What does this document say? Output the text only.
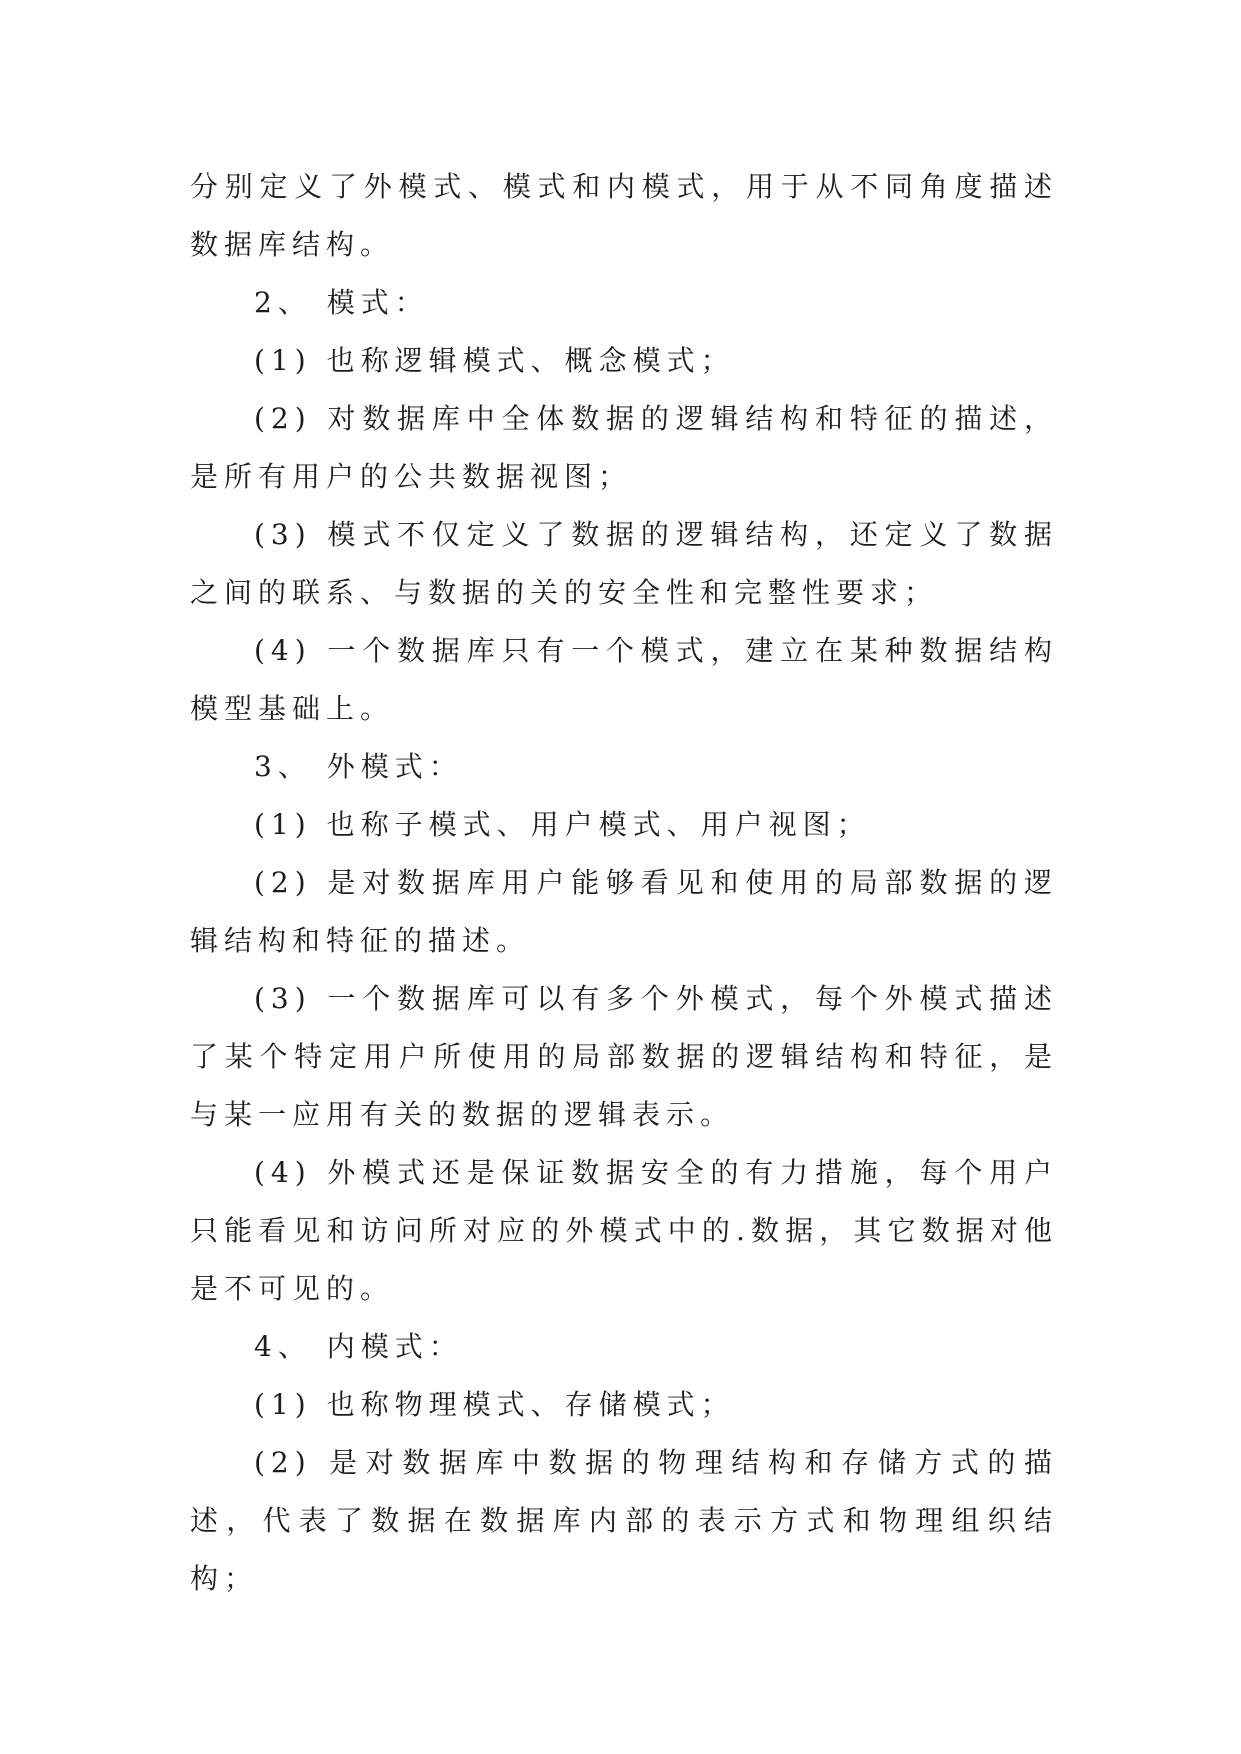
分别定义了外模式、模式和内模式，用于从不同角度描述数据库结构。

2、 模式：

(1) 也称逻辑模式、概念模式；

(2) 对数据库中全体数据的逻辑结构和特征的描述，是所有用户的公共数据视图；

(3) 模式不仅定义了数据的逻辑结构，还定义了数据之间的联系、与数据的关的安全性和完整性要求；

(4) 一个数据库只有一个模式，建立在某种数据结构模型基础上。

3、 外模式：

(1) 也称子模式、用户模式、用户视图；

(2) 是对数据库用户能够看见和使用的局部数据的逻辑结构和特征的描述。

(3) 一个数据库可以有多个外模式，每个外模式描述了某个特定用户所使用的局部数据的逻辑结构和特征，是与某一应用有关的数据的逻辑表示。

(4) 外模式还是保证数据安全的有力措施，每个用户只能看见和访问所对应的外模式中的.数据，其它数据对他是不可见的。

4、 内模式：

(1) 也称物理模式、存储模式；

(2) 是对数据库中数据的物理结构和存储方式的描述，代表了数据在数据库内部的表示方式和物理组织结构；
